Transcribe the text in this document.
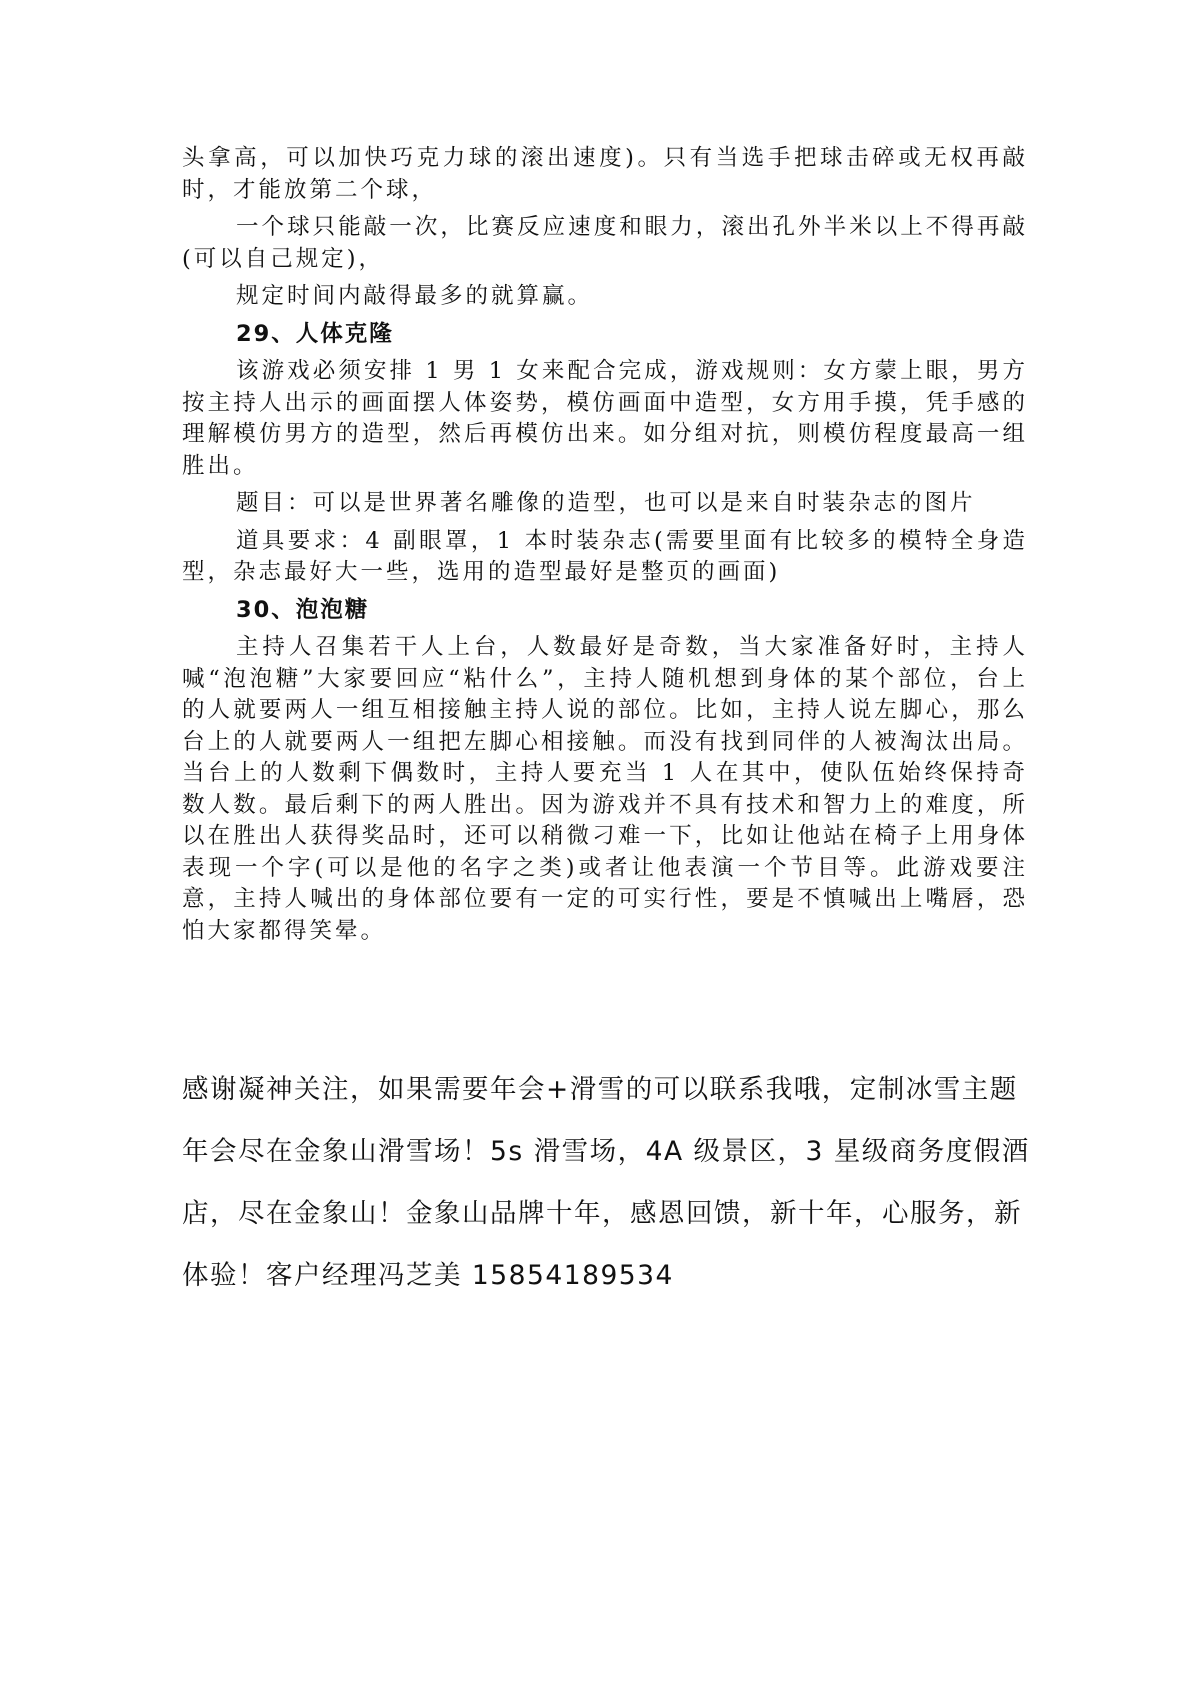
头拿高，可以加快巧克力球的滚出速度)。只有当选手把球击碎或无权再敲时，才能放第二个球，

一个球只能敲一次，比赛反应速度和眼力，滚出孔外半米以上不得再敲(可以自己规定)，

规定时间内敲得最多的就算赢。

29、人体克隆

该游戏必须安排 1 男 1 女来配合完成，游戏规则：女方蒙上眼，男方按主持人出示的画面摆人体姿势，模仿画面中造型，女方用手摸，凭手感的理解模仿男方的造型，然后再模仿出来。如分组对抗，则模仿程度最高一组胜出。

题目：可以是世界著名雕像的造型，也可以是来自时装杂志的图片

道具要求：4 副眼罩，1 本时装杂志(需要里面有比较多的模特全身造型，杂志最好大一些，选用的造型最好是整页的画面)

30、泡泡糖

主持人召集若干人上台，人数最好是奇数，当大家准备好时，主持人喊“泡泡糖”大家要回应“粘什么”，主持人随机想到身体的某个部位，台上的人就要两人一组互相接触主持人说的部位。比如，主持人说左脚心，那么台上的人就要两人一组把左脚心相接触。而没有找到同伴的人被淘汰出局。当台上的人数剩下偶数时，主持人要充当 1 人在其中，使队伍始终保持奇数人数。最后剩下的两人胜出。因为游戏并不具有技术和智力上的难度，所以在胜出人获得奖品时，还可以稍微刁难一下，比如让他站在椅子上用身体表现一个字(可以是他的名字之类)或者让他表演一个节目等。此游戏要注意，主持人喊出的身体部位要有一定的可实行性，要是不慎喊出上嘴唇，恐怕大家都得笑晕。

感谢凝神关注，如果需要年会+滑雪的可以联系我哦，定制冰雪主题年会尽在金象山滑雪场！5s 滑雪场，4A 级景区，3 星级商务度假酒店，尽在金象山！金象山品牌十年，感恩回馈，新十年，心服务，新体验！客户经理冯芝美 15854189534
